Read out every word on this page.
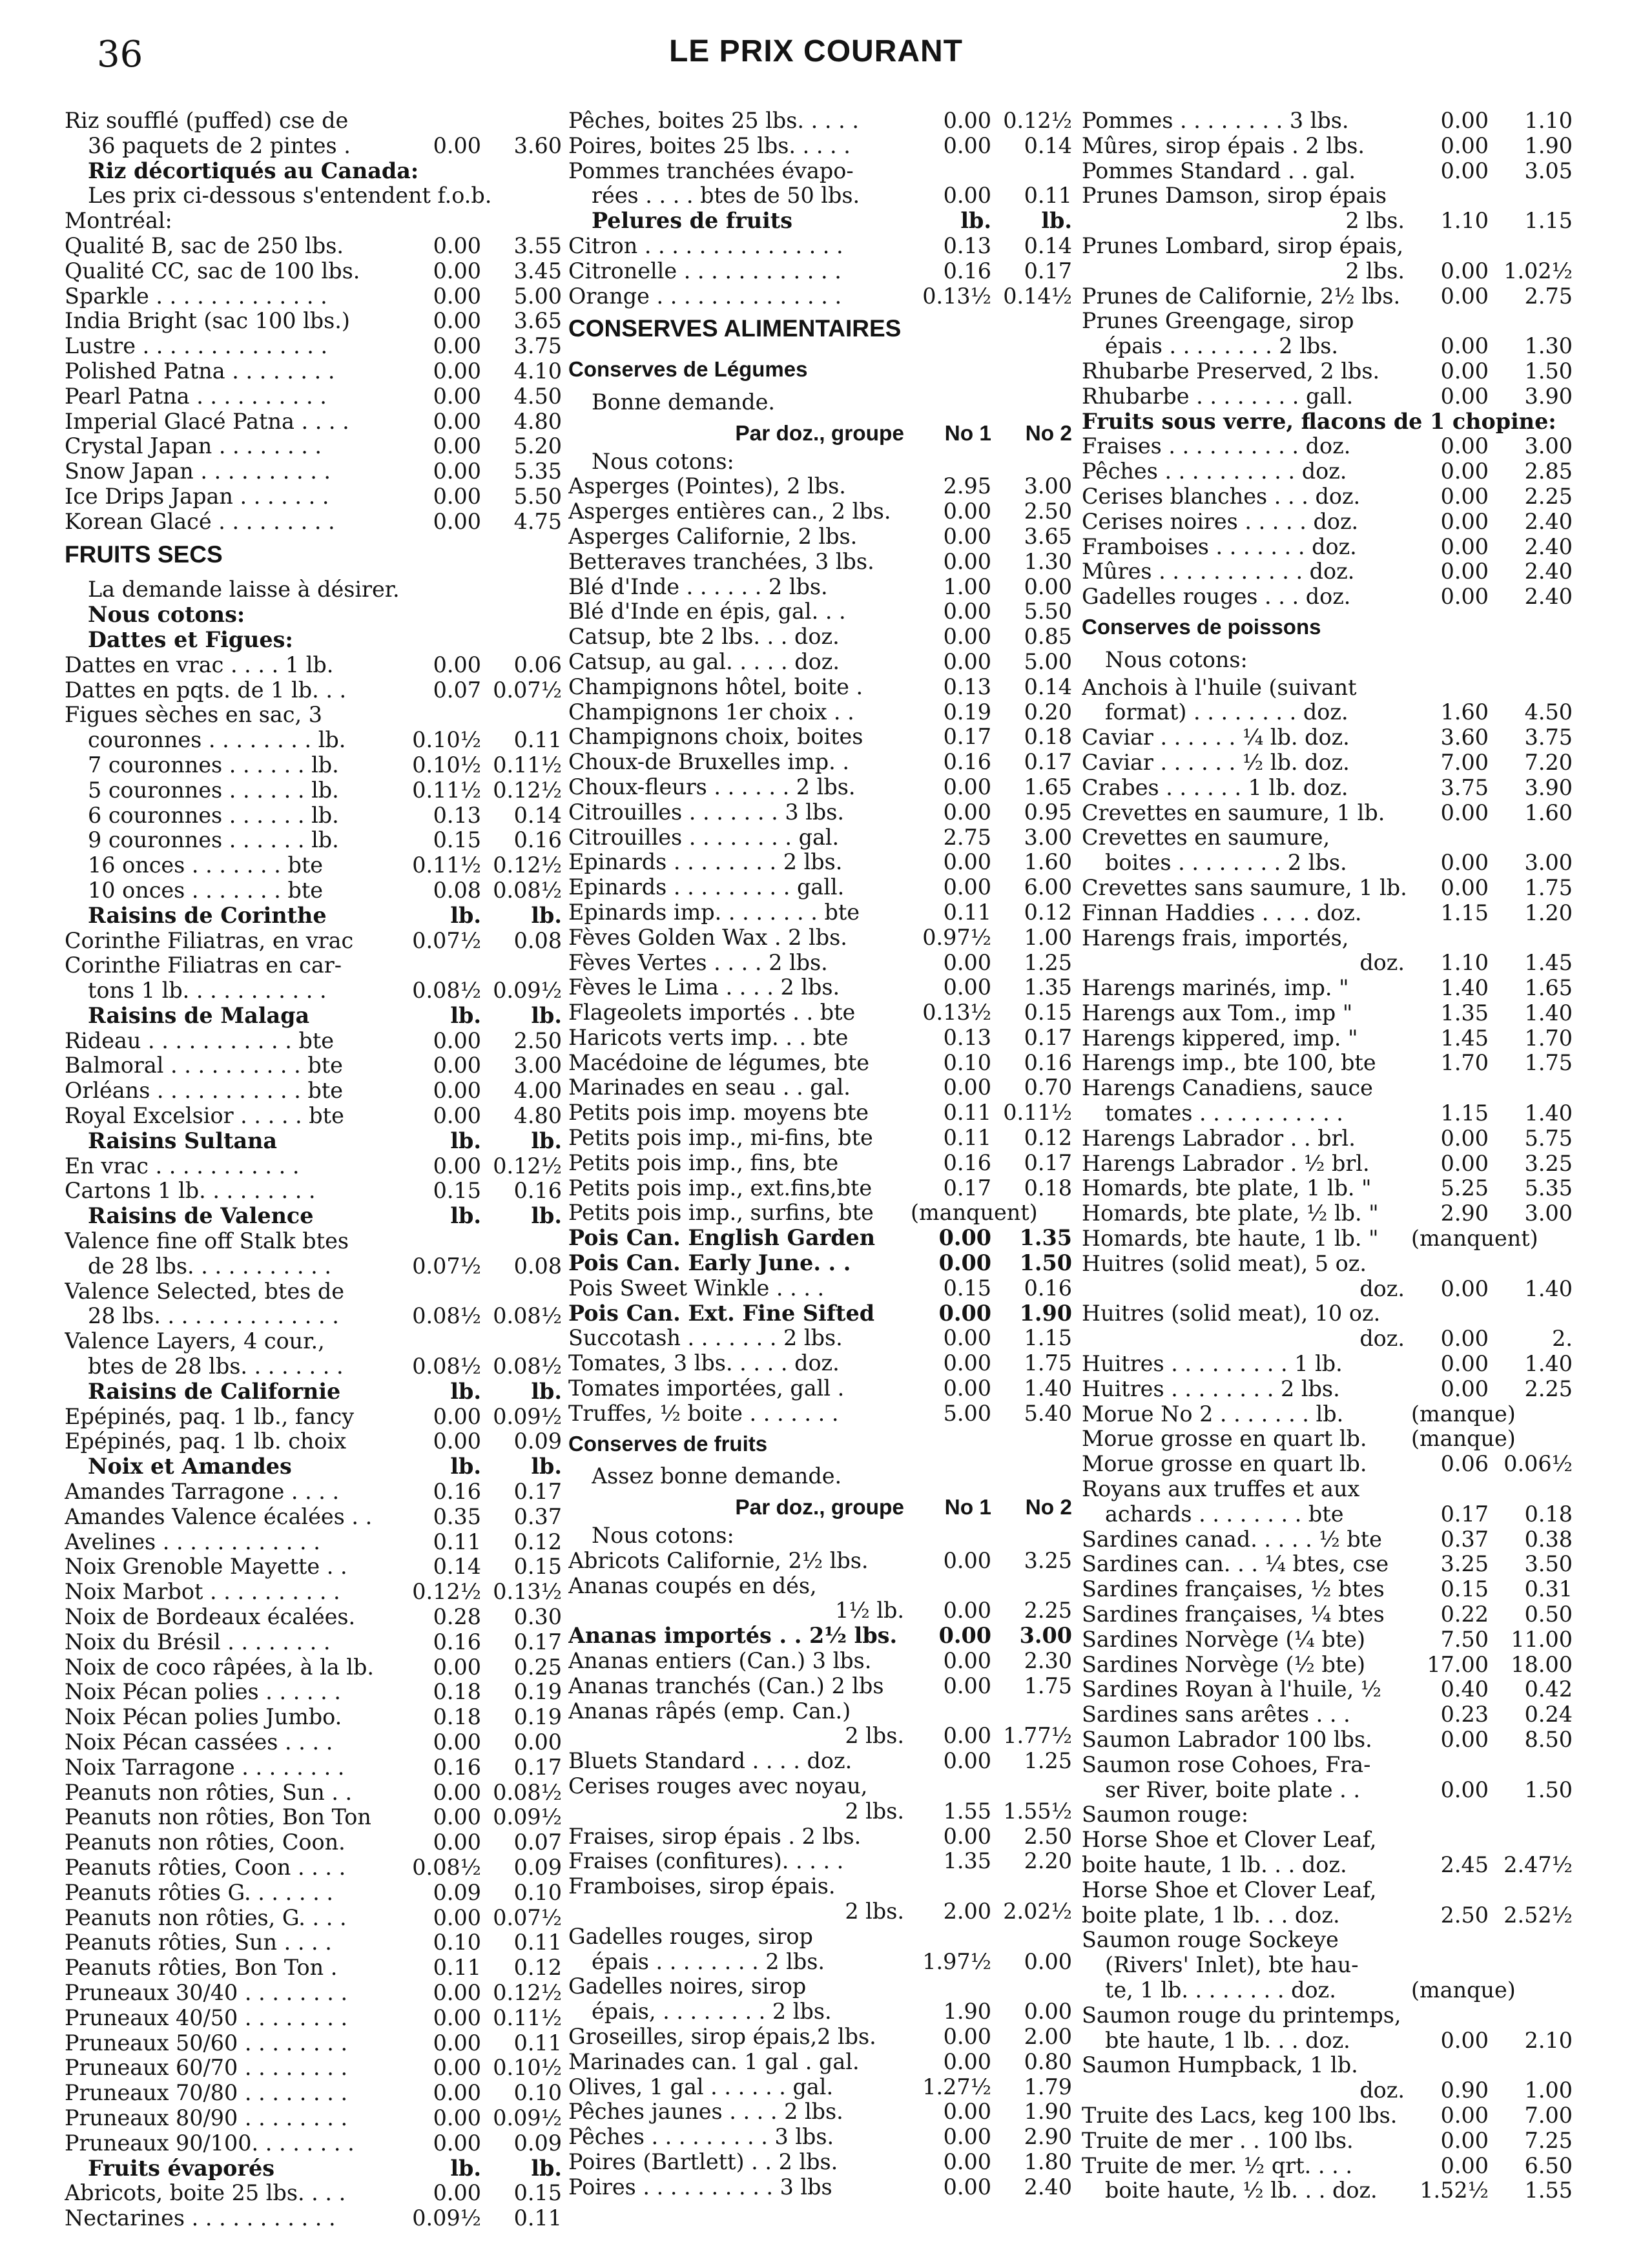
36	LE PRIX COURANT
Riz soufflé (puffed) cse de
36 paquets de 2 pintes .	0.00	3.60
Riz décortiqués au Canada:
Les prix ci-dessous s'entendent f.o.b.
Montréal:
Qualité B, sac de 250 lbs.	0.00	3.55
Qualité CC, sac de 100 lbs.	0.00	3.45
Sparkle . . . . . . . . . . . . .	0.00	5.00
India Bright (sac 100 lbs.)	0.00	3.65
Lustre . . . . . . . . . . . . . .	0.00	3.75
Polished Patna . . . . . . . .	0.00	4.10
Pearl Patna . . . . . . . . . .	0.00	4.50
Imperial Glacé Patna . . . .	0.00	4.80
Crystal Japan . . . . . . . .	0.00	5.20
Snow Japan . . . . . . . . . .	0.00	5.35
Ice Drips Japan . . . . . . .	0.00	5.50
Korean Glacé . . . . . . . . .	0.00	4.75
FRUITS SECS
La demande laisse à désirer.
Nous cotons:
Dattes et Figues:
Dattes en vrac . . . . 1 lb.	0.00	0.06
Dattes en pqts. de 1 lb. . .	0.07 0.07½
Figues sèches en sac, 3
couronnes . . . . . . . . lb.	0.10½	0.11
7 couronnes . . . . . . lb.	0.10½ 0.11½
5 couronnes . . . . . . lb.	0.11½ 0.12½
6 couronnes . . . . . . lb.	0.13	0.14
9 couronnes . . . . . . lb.	0.15	0.16
16 onces . . . . . . . bte	0.11½ 0.12½
10 onces . . . . . . . bte	0.08 0.08½
Raisins de Corinthe	lb.	lb.
Corinthe Filiatras, en vrac	0.07½	0.08
Corinthe Filiatras en car-
tons 1 lb. . . . . . . . . . .	0.08½ 0.09½
Raisins de Malaga	lb.	lb.
Rideau . . . . . . . . . . . bte	0.00	2.50
Balmoral . . . . . . . . . . bte	0.00	3.00
Orléans . . . . . . . . . . . bte	0.00	4.00
Royal Excelsior . . . . . bte	0.00	4.80
Raisins Sultana	lb.	lb.
En vrac . . . . . . . . . . .	0.00 0.12½
Cartons 1 lb. . . . . . . . .	0.15	0.16
Raisins de Valence	lb.	lb.
Valence fine off Stalk btes
de 28 lbs. . . . . . . . . . .	0.07½	0.08
Valence Selected, btes de
28 lbs. . . . . . . . . . . . . .	0.08½ 0.08½
Valence Layers, 4 cour.,
btes de 28 lbs. . . . . . . .	0.08½ 0.08½
Raisins de Californie	lb.	lb.
Epépinés, paq. 1 lb., fancy	0.00 0.09½
Epépinés, paq. 1 lb. choix	0.00	0.09
Noix et Amandes	lb.	lb.
Amandes Tarragone . . . .	0.16	0.17
Amandes Valence écalées . .	0.35	0.37
Avelines . . . . . . . . . . . .	0.11	0.12
Noix Grenoble Mayette . .	0.14	0.15
Noix Marbot . . . . . . . . . .	0.12½ 0.13½
Noix de Bordeaux écalées.	0.28	0.30
Noix du Brésil . . . . . . . .	0.16	0.17
Noix de coco râpées, à la lb.	0.00	0.25
Noix Pécan polies . . . . . .	0.18	0.19
Noix Pécan polies Jumbo.	0.18	0.19
Noix Pécan cassées . . . .	0.00	0.00
Noix Tarragone . . . . . . . .	0.16	0.17
Peanuts non rôties, Sun . .	0.00 0.08½
Peanuts non rôties, Bon Ton	0.00 0.09½
Peanuts non rôties, Coon.	0.00	0.07
Peanuts rôties, Coon . . . .	0.08½	0.09
Peanuts rôties G. . . . . . .	0.09	0.10
Peanuts non rôties, G. . . .	0.00 0.07½
Peanuts rôties, Sun . . . .	0.10	0.11
Peanuts rôties, Bon Ton .	0.11	0.12
Pruneaux 30/40 . . . . . . . .	0.00 0.12½
Pruneaux 40/50 . . . . . . . .	0.00 0.11½
Pruneaux 50/60 . . . . . . . .	0.00	0.11
Pruneaux 60/70 . . . . . . . .	0.00 0.10½
Pruneaux 70/80 . . . . . . . .	0.00	0.10
Pruneaux 80/90 . . . . . . . .	0.00 0.09½
Pruneaux 90/100. . . . . . . .	0.00	0.09
Fruits évaporés	lb.	lb.
Abricots, boite 25 lbs. . . .	0.00	0.15
Nectarines . . . . . . . . . . .	0.09½	0.11
Pêches, boites 25 lbs. . . . .	0.00 0.12½
Poires, boites 25 lbs. . . . .	0.00	0.14
Pommes tranchées évapo-
rées . . . . btes de 50 lbs.	0.00	0.11
Pelures de fruits	lb.	lb.
Citron . . . . . . . . . . . . . . .	0.13	0.14
Citronelle . . . . . . . . . . . .	0.16	0.17
Orange . . . . . . . . . . . . . .	0.13½ 0.14½
CONSERVES ALIMENTAIRES
Conserves de Légumes
Bonne demande.
Par doz., groupe	No 1	No 2
Nous cotons:
Asperges (Pointes), 2 lbs.	2.95	3.00
Asperges entières can., 2 lbs.	0.00	2.50
Asperges Californie, 2 lbs.	0.00	3.65
Betteraves tranchées, 3 lbs.	0.00	1.30
Blé d'Inde . . . . . . 2 lbs.	1.00	0.00
Blé d'Inde en épis, gal. . .	0.00	5.50
Catsup, bte 2 lbs. . . doz.	0.00	0.85
Catsup, au gal. . . . . doz.	0.00	5.00
Champignons hôtel, boite .	0.13	0.14
Champignons 1er choix . .	0.19	0.20
Champignons choix, boites	0.17	0.18
Choux-de Bruxelles imp. .	0.16	0.17
Choux-fleurs . . . . . . 2 lbs.	0.00	1.65
Citrouilles . . . . . . . 3 lbs.	0.00	0.95
Citrouilles . . . . . . . . gal.	2.75	3.00
Epinards . . . . . . . . 2 lbs.	0.00	1.60
Epinards . . . . . . . . . gall.	0.00	6.00
Epinards imp. . . . . . . . bte	0.11	0.12
Fèves Golden Wax . 2 lbs.	0.97½	1.00
Fèves Vertes . . . . 2 lbs.	0.00	1.25
Fèves le Lima . . . . 2 lbs.	0.00	1.35
Flageolets importés . . bte	0.13½	0.15
Haricots verts imp. . . bte	0.13	0.17
Macédoine de légumes, bte	0.10	0.16
Marinades en seau . . gal.	0.00	0.70
Petits pois imp. moyens bte	0.11 0.11½
Petits pois imp., mi-fins, bte	0.11	0.12
Petits pois imp., fins, bte	0.16	0.17
Petits pois imp., ext.fins,bte	0.17	0.18
Petits pois imp., surfins, bte	(manquent)
Pois Can. English Garden	0.00	1.35
Pois Can. Early June. . .	0.00	1.50
Pois Sweet Winkle . . . .	0.15	0.16
Pois Can. Ext. Fine Sifted	0.00	1.90
Succotash . . . . . . . 2 lbs.	0.00	1.15
Tomates, 3 lbs. . . . . doz.	0.00	1.75
Tomates importées, gall .	0.00	1.40
Truffes, ½ boite . . . . . . .	5.00	5.40
Conserves de fruits
Assez bonne demande.
Par doz., groupe	No 1	No 2
Nous cotons:
Abricots Californie, 2½ lbs.	0.00	3.25
Ananas coupés en dés,
1½ lb.	0.00	2.25
Ananas importés . . 2½ lbs.	0.00	3.00
Ananas entiers (Can.) 3 lbs.	0.00	2.30
Ananas tranchés (Can.) 2 lbs	0.00	1.75
Ananas râpés (emp. Can.)
2 lbs.	0.00 1.77½
Bluets Standard . . . . doz.	0.00	1.25
Cerises rouges avec noyau,
2 lbs.	1.55 1.55½
Fraises, sirop épais . 2 lbs.	0.00	2.50
Fraises (confitures). . . . .	1.35	2.20
Framboises, sirop épais.
2 lbs.	2.00 2.02½
Gadelles rouges, sirop
épais . . . . . . . . 2 lbs.	1.97½	0.00
Gadelles noires, sirop
épais, . . . . . . . . 2 lbs.	1.90	0.00
Groseilles, sirop épais,2 lbs.	0.00	2.00
Marinades can. 1 gal . gal.	0.00	0.80
Olives, 1 gal . . . . . . gal.	1.27½	1.79
Pêches jaunes . . . . 2 lbs.	0.00	1.90
Pêches . . . . . . . . . 3 lbs.	0.00	2.90
Poires (Bartlett) . . 2 lbs.	0.00	1.80
Poires . . . . . . . . . . 3 lbs	0.00	2.40
Pommes . . . . . . . . 3 lbs.	0.00	1.10
Mûres, sirop épais . 2 lbs.	0.00	1.90
Pommes Standard . . gal.	0.00	3.05
Prunes Damson, sirop épais
2 lbs.	1.10	1.15
Prunes Lombard, sirop épais,
2 lbs.	0.00 1.02½
Prunes de Californie, 2½ lbs.	0.00	2.75
Prunes Greengage, sirop
épais . . . . . . . . 2 lbs.	0.00	1.30
Rhubarbe Preserved, 2 lbs.	0.00	1.50
Rhubarbe . . . . . . . . gall.	0.00	3.90
Fruits sous verre, flacons de 1 chopine:
Fraises . . . . . . . . . . doz.	0.00	3.00
Pêches . . . . . . . . . . doz.	0.00	2.85
Cerises blanches . . . doz.	0.00	2.25
Cerises noires . . . . . doz.	0.00	2.40
Framboises . . . . . . . doz.	0.00	2.40
Mûres . . . . . . . . . . . doz.	0.00	2.40
Gadelles rouges . . . doz.	0.00	2.40
Conserves de poissons
Nous cotons:
Anchois à l'huile (suivant
format) . . . . . . . . doz.	1.60	4.50
Caviar . . . . . . ¼ lb. doz.	3.60	3.75
Caviar . . . . . . ½ lb. doz.	7.00	7.20
Crabes . . . . . . 1 lb. doz.	3.75	3.90
Crevettes en saumure, 1 lb.	0.00	1.60
Crevettes en saumure,
boites . . . . . . . . 2 lbs.	0.00	3.00
Crevettes sans saumure, 1 lb.	0.00	1.75
Finnan Haddies . . . . doz.	1.15	1.20
Harengs frais, importés,
doz.	1.10	1.45
Harengs marinés, imp. "	1.40	1.65
Harengs aux Tom., imp "	1.35	1.40
Harengs kippered, imp. "	1.45	1.70
Harengs imp., bte 100, bte	1.70	1.75
Harengs Canadiens, sauce
tomates . . . . . . . . . . .	1.15	1.40
Harengs Labrador . . brl.	0.00	5.75
Harengs Labrador . ½ brl.	0.00	3.25
Homards, bte plate, 1 lb. "	5.25	5.35
Homards, bte plate, ½ lb. "	2.90	3.00
Homards, bte haute, 1 lb. "	(manquent)
Huitres (solid meat), 5 oz.
doz.	0.00	1.40
Huitres (solid meat), 10 oz.
doz.	0.00	2.
Huitres . . . . . . . . . 1 lb.	0.00	1.40
Huitres . . . . . . . . 2 lbs.	0.00	2.25
Morue No 2 . . . . . . . lb.	(manque)
Morue grosse en quart lb.	(manque)
Morue grosse en quart lb.	0.06 0.06½
Royans aux truffes et aux
achards . . . . . . . . bte	0.17	0.18
Sardines canad. . . . . ½ bte	0.37	0.38
Sardines can. . . ¼ btes, cse	3.25	3.50
Sardines françaises, ½ btes	0.15	0.31
Sardines françaises, ¼ btes	0.22	0.50
Sardines Norvège (¼ bte)	7.50	11.00
Sardines Norvège (½ bte)	17.00	18.00
Sardines Royan à l'huile, ½	0.40	0.42
Sardines sans arêtes . . .	0.23	0.24
Saumon Labrador 100 lbs.	0.00	8.50
Saumon rose Cohoes, Fra-
ser River, boite plate . .	0.00	1.50
Saumon rouge:
Horse Shoe et Clover Leaf,
boite haute, 1 lb. . . doz.	2.45 2.47½
Horse Shoe et Clover Leaf,
boite plate, 1 lb. . . doz.	2.50 2.52½
Saumon rouge Sockeye
(Rivers' Inlet), bte hau-
te, 1 lb. . . . . . . . doz.	(manque)
Saumon rouge du printemps,
bte haute, 1 lb. . . doz.	0.00	2.10
Saumon Humpback, 1 lb.
doz.	0.90	1.00
Truite des Lacs, keg 100 lbs.	0.00	7.00
Truite de mer . . 100 lbs.	0.00	7.25
Truite de mer. ½ qrt. . . .	0.00	6.50
boite haute, ½ lb. . . doz.	1.52½	1.55
